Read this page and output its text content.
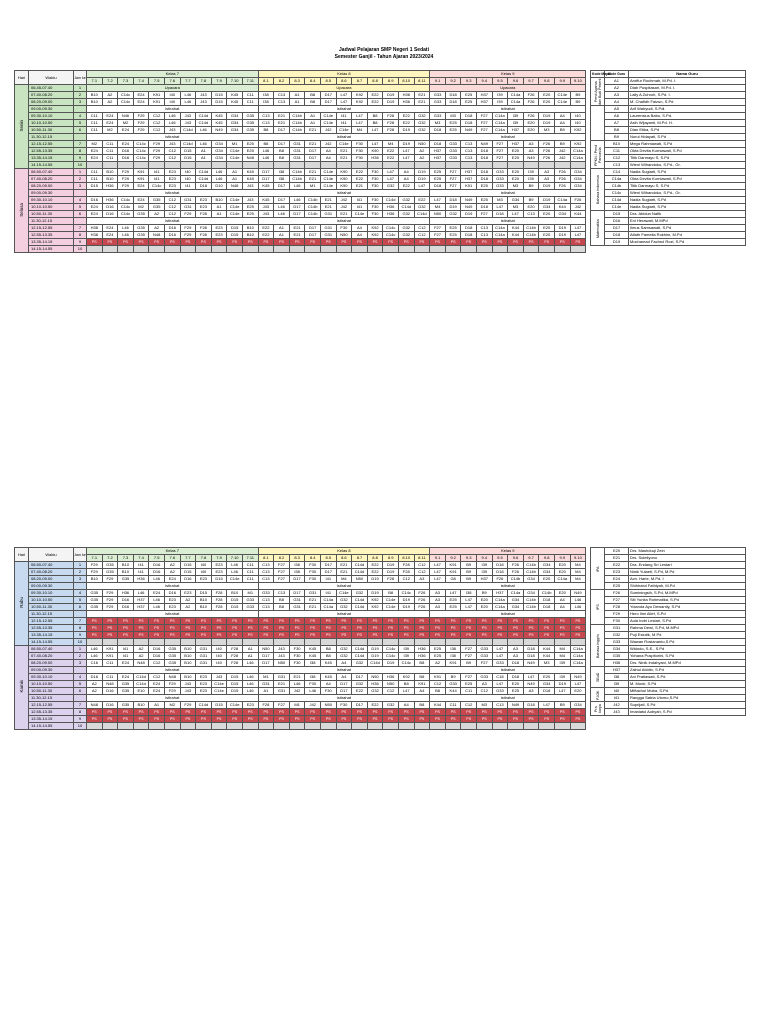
Jadwal Pelajaran SMP Negeri 1 Sedati
Semester Ganjil - Tahun Ajaran 2023/2024
Hari	Waktu	Jam ke	Kelas 7											Kelas 8											Kelas 9									
			7.1	7.2	7.3	7.4	7.5	7.6	7.7	7.8	7.9	7.10	7.11	8.1	8.2	8.3	8.4	8.5	8.6	8.7	8.8	8.9	8.10	8.11	9.1	9.2	9.3	9.4	9.5	9.6	9.7	9.8	9.9	9.10
Senin	06.45-07.40	1	Upacara											Upacara											Upacara									
	07.40-08.20	2	B10	A2	C14c	E24	K91	I40	L46	J43	D15	K45	C11	I38	C13	A1	B8	D17	L47	K92	E22	D19	H36	E21	G33	D18	E25	H37	I39	C14a	F26	E20	C14e	B9
	08.20-09.00	3	B10	A2	C14c	E24	K91	I40	L46	J43	D15	K45	C11	I38	C13	A1	B8	D17	L47	K92	E22	D19	H36	E21	G33	D18	E25	H37	I39	C14a	F26	E20	C14e	B9
	09.00-09.30		istirahat											istirahat											istirahat									
	09.30-10.10	4	C11	E24	N46	F29	C12	L46	J43	C14d	K45	G34	G35	C13	E21	C14b	A1	C14e	I41	L47	B8	F28	E22	G32	G33	M3	D18	F27	C14a	I39	F26	D19	A4	I40
	10.10-10.50	5	C11	E24	M2	F29	C12	L46	J43	C14d	K45	G34	G35	C13	E21	C14b	A1	C14e	I41	L47	B8	F28	E22	G32	M3	E25	D18	F27	C14a	I39	E20	D19	A4	I40
	10.50-11.30	6	C11	M2	E24	F29	C12	J43	C14d	L46	N49	G34	G35	B8	D17	C14b	E21	J42	C14e	M4	L47	F28	D19	G32	D18	E25	N49	F27	C14a	H37	E20	M3	B9	K92
	11.30-12.15		istirahat											istirahat											istirahat									
	12.15-12.55	7	M2	C11	E24	C14c	F29	J43	C14d	L46	G34	M1	E25	B8	D17	G31	E21	J42	C14e	F30	L47	M4	D19	N50	D18	G33	C13	N49	F27	H37	A3	F26	B9	K92
	12.55-13.35	8	E24	C11	D16	C14c	F29	C12	D15	A1	G34	C14e	E25	L46	B8	G31	D17	A4	E21	F30	K90	E22	L47	A2	H37	G33	C13	D18	F27	E20	A3	F26	J42	C14a
	13.35-14.15	9	E24	C11	D16	C14c	F29	C12	D15	A1	G34	C14e	N48	L46	B8	G31	D17	A4	E21	F30	H36	E22	L47	A2	H37	G33	C13	D18	F27	E20	N49	F26	J42	C14a
	14.15-14.55	10																																
Selasa	06.50-07.40	1	C11	B10	F29	K91	I41	E23	I40	C14d	L46	A1	K45	D17	I38	C14b	E21	C14e	K90	E22	F30	L47	A4	D19	E25	F27	H37	D18	G33	E20	I39	A3	F26	G34
	07.40-08.20	2	C11	B10	F29	K91	I41	E23	I40	C14d	L46	A1	K45	D17	I38	C14b	E21	C14e	K90	E22	F30	L47	A4	D19	E25	F27	H37	D18	G33	E20	I39	A3	F26	G34
	08.20-09.00	3	D15	H36	F29	E24	C14c	E23	I41	D18	D10	N48	J43	K45	D17	L46	M1	C14e	K90	E21	F30	G32	E22	L47	D18	F27	K91	E25	G33	M3	B9	D19	F26	G34
	09.00-09.30		istirahat											istirahat											istirahat									
	09.30-10.10	4	D16	H36	C14c	E24	G35	C12	G31	E23	B10	C14e	J43	K45	D17	L46	C14b	E21	J42	I41	F30	C14d	G32	E22	L47	D18	N49	E25	M3	G34	B9	D19	C14a	F26
	10.10-10.50	5	E24	D16	C14c	M2	G35	C12	G31	E23	A1	C14e	E25	J43	L46	D17	C14b	E21	J42	I41	F30	H36	C14d	G32	M4	D19	N49	D18	L47	M3	E20	G34	K44	J42
	10.50-11.30	6	E24	D16	C14c	G35	A2	C12	F29	F28	A1	C14e	E25	J43	L46	D17	C14b	G31	E21	C14e	F30	H36	G32	C14d	N50	G32	D19	F27	D18	L47	C13	E20	G34	K44
	11.30-12.15		istirahat											istirahat											istirahat									
	12.15-12.55	7	H38	E24	L46	G35	A2	D16	F29	F28	E23	D15	B10	E22	A1	E21	D17	G31	F30	A4	K92	C14c	G32	C12	F27	E25	D18	C13	C14a	K44	C14b	E20	D19	L47
	12.55-13.35	8	H38	E24	L46	G35	N48	D16	F29	F28	E23	D15	B10	E22	A1	E21	D17	G31	N50	A4	K92	C14c	G32	C12	F27	E25	D18	C13	C14a	K44	C14b	E20	D19	L47
	13.35-14.15	9	PS	PS	PS	PS	PS	PS	PS	PS	PS	PS	PS	PS	PS	PS	PS	PS	PS	PS	PS	PS	PS	PS	PS	PS	PS	PS	PS	PS	PS	PS	PS	PS
	14.15-14.55	10																																
Hari	Waktu	Jam ke	Kelas 7											Kelas 8											Kelas 9									
			7.1	7.2	7.3	7.4	7.5	7.6	7.7	7.8	7.9	7.10	7.11	8.1	8.2	8.3	8.4	8.5	8.6	8.7	8.8	8.9	8.10	8.11	9.1	9.2	9.3	9.4	9.5	9.6	9.7	9.8	9.9	9.10
Rabu	06.50-07.40	1	F29	G35	B10	I41	D16	A2	D15	I40	E23	L46	C11	C13	F27	I38	F30	D17	E21	C14d	E22	D19	F28	C12	L47	K91	B9	I39	D18	F26	C14b	G34	E20	M4
	07.40-08.20	2	F29	G35	B10	I41	D16	A2	D15	I40	E23	L46	C11	C13	F27	I38	F30	D17	E21	C14d	E22	D19	F28	C12	L47	K91	B9	I39	D18	F26	C14b	G34	E20	M4
	08.20-09.00	3	B10	F29	G35	H36	L46	E24	D16	E23	D15	C14e	C11	C13	F27	D17	F30	I41	M4	N50	D19	F28	C12	A3	L47	G8	B9	H37	F26	C14b	G34	E20	C14a	M4
	09.00-09.30		istirahat											istirahat											istirahat									
	09.30-10.10	4	G35	F29	H36	L46	E24	D16	E23	D15	F28	B10	M1	G33	C13	D17	G31	I41	C14e	G32	D19	B8	C14c	F26	A3	L47	I38	B9	H37	C14a	G34	C14b	E20	N49
	10.10-10.50	5	G35	F29	D16	H37	L46	E23	A2	B10	F28	D15	G33	C13	B8	G31	E21	C14a	G32	C14d	K92	C14e	D19	F26	A3	E25	L47	E20	C14a	G34	C14b	D18	A4	L46
	10.50-11.30	6	G35	F29	D16	H37	L46	E23	A2	B10	F28	D15	G33	C13	B8	G31	E21	C14a	G32	C14d	K92	C14e	D19	F26	A3	E25	L47	E20	C14a	G34	C14b	D18	A4	L46
	11.30-12.15		istirahat											istirahat											istirahat									
	12.15-12.55	7	PS	PS	PS	PS	PS	PS	PS	PS	PS	PS	PS	PS	PS	PS	PS	PS	PS	PS	PS	PS	PS	PS	PS	PS	PS	PS	PS	PS	PS	PS	PS	PS
	12.55-13.35	8	PS	PS	PS	PS	PS	PS	PS	PS	PS	PS	PS	PS	PS	PS	PS	PS	PS	PS	PS	PS	PS	PS	PS	PS	PS	PS	PS	PS	PS	PS	PS	PS
	13.35-14.15	9	PS	PS	PS	PS	PS	PS	PS	PS	PS	PS	PS	PS	PS	PS	PS	PS	PS	PS	PS	PS	PS	PS	PS	PS	PS	PS	PS	PS	PS	PS	PS	PS
	14.15-14.55	10																																
Kamis	06.50-07.40	1	L46	K91	I41	A2	D16	G35	B10	G31	I40	F28	A1	N50	J43	F30	K45	B8	G32	C14d	D19	C14c	I39	H36	E25	I38	F27	G33	L47	A3	D18	K44	M4	C14a
	07.40-08.20	2	L46	K91	I41	A2	D16	G35	B10	G31	I40	F28	A1	D17	J43	F30	K45	B8	G32	C14d	D19	C14c	I39	H36	E25	I38	F27	G33	L47	A3	D18	K44	M4	C14a
	08.20-09.00	3	C16	C11	E24	N48	C12	G35	B10	G31	I40	F28	L46	D17	N50	F30	I38	K45	A4	G32	C14d	D19	C14c	B8	A2	K91	B9	F27	G33	D18	N49	M3	I39	C14a
	09.00-09.30		istirahat											istirahat											istirahat									
	09.30-10.10	4	D16	C11	E24	C14d	C12	N48	B10	E23	J43	D15	L46	M1	G31	E21	I38	K45	A4	D17	N50	H36	K92	B8	K91	B9	F27	G33	C18	D18	L47	E20	I39	N49
	10.10-10.50	5	A2	N48	G35	C14d	E24	F29	J43	E23	C14e	D15	L46	G31	E21	L46	F30	A4	D17	G32	H36	N50	B8	K91	C12	G33	E25	A3	L47	E20	N49	G34	D19	L47
	10.50-11.30	6	A2	D16	G35	E10	E24	F29	J43	E23	C14e	D15	L46	A1	G31	J42	L46	F30	D17	E22	G32	C12	L47	A4	B8	K44	C11	C12	G33	E25	A3	D18	L47	E20
	11.30-12.15		istirahat											istirahat											istirahat									
	12.15-12.55	7	N48	D16	G35	B10	A1	M2	F29	C14d	D15	C14e	E23	F28	F27	M1	J42	N50	F30	D17	E22	G32	A4	B8	K44	C11	C12	M3	C13	N49	D18	L47	B9	G34
	12.55-13.35	8	PS	PS	PS	PS	PS	PS	PS	PS	PS	PS	PS	PS	PS	PS	PS	PS	PS	PS	PS	PS	PS	PS	PS	PS	PS	PS	PS	PS	PS	PS	PS	PS
	13.35-14.15	9	PS	PS	PS	PS	PS	PS	PS	PS	PS	PS	PS	PS	PS	PS	PS	PS	PS	PS	PS	PS	PS	PS	PS	PS	PS	PS	PS	PS	PS	PS	PS	PS
	14.15-14.55	10																																
Kode Mapel	Kode Guru	Nama Guru
Pend Agama dan Budi Pekerti	A1	Aroffur Rochmah, M.Pd. I.
	A2	Diah Puspitasari, M.Pd. I.
	A3	Laily A Zuhroh, S.Pd. I.
	A4	M. Chafidh Faizun, S.Pd
	A5	Arif Wahyudi, S.Pdi.
	A6	Laurensius Babo, S.Pd.
	A7	Asih Wijayanti, M.Pd. H.
	B8	Dian Etika, S.Pd
	B9	Nurul Hidayati, S.Pd
PPKN / Pend Pancasila	B10	Mega Rahmawati, S.Pd
	C11	Okta Devita Kurniawati, S.Pd
	C12	Titik Darmayu S, S.Pd
	C13	Wieni Wihandoko, S.Pd., Gr.
Bahasa Indonesia	C14	Nadia Sugiarti, S.Pd
	C14a	Okta Devita Kurniawati, S.Pd
	C14b	Titik Darmayu S, S.Pd
	C14c	Wieni Wihandoko, S.Pd., Gr.
	C14d	Nadia Sugiarti, S.Pd
	C14e	Nadia Sugiarti, S.Pd
Matematika	D15	Dra. Abidun Nafik
	D16	Eni Herawati, M.MPd
	D17	Ilmus Samsawati, S.Pd
	D18	Alfath Fameila Rokhim, M.Pd
	D19	Mochamad Fachrul Rozi, S.Pd
IPA	E20	Drs. Mashduqi Zein
	E21	Drs. Suletiyono
	E22	Dra. Endang Sri Lestari
	E23	Ninik Yulaeti, S.Pd, M.Pd
	E24	Ach. Harie, M.Pd. I
	E25	Shihhatul Fathiyah, M.Pd
IPS	F26	Suminingsih, S.Pd, M.MPd
	F27	Siti Yunita Rohmatika, S.Pd
	F28	Yolanda Ayu Dewantiy, S.Pd
	F29	Hero Ilmi Alief, S.Pd
	F30	Aula Indri Lestari, S.Pd
Bahasa Inggris	G31	Rahma Dewi, S.Pd, M.MPd
	G32	Puji Estutik, M.Pd
	G33	Wawan Rosiananto,S.Pd
	G34	Widodo, S.E., S.Pd
	G35	Yohana Puspitorini, S.Pd
	H36	Drs. Ninik Indahyani, M.MPd
SBuD	H37	Zainul Abidin, S.Pd
	I38	Ani Pratiawati, S.Pd
	I39	M. Munir, S.Pd
PJOK	I40	Miftachul Muba, S.Pd
	I41	Rangga Satria Utomo,S.Pd
Pra karya	J42	Suprijati, S.Pd
	J43	Imaniatul Aubyah, S.Pd
